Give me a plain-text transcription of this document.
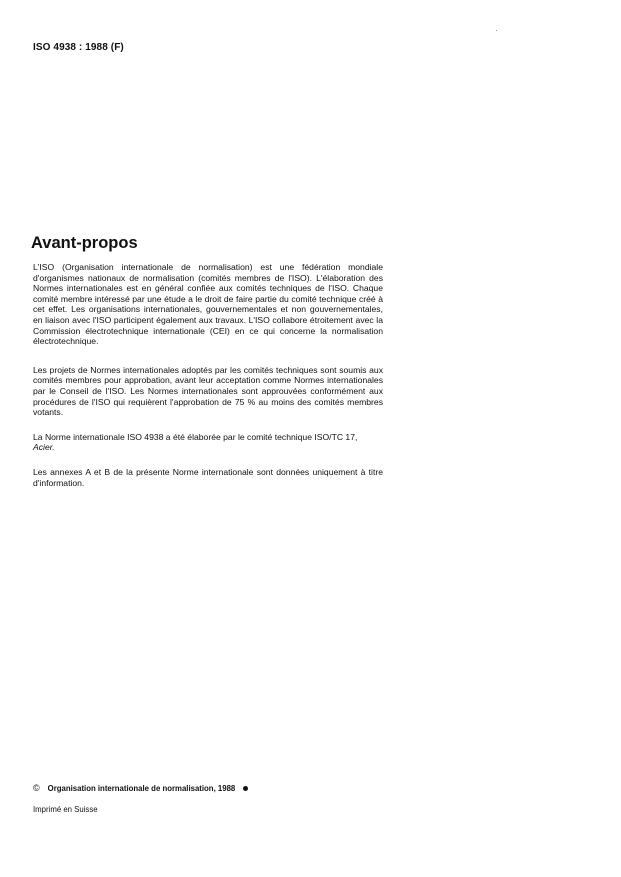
ISO 4938 : 1988 (F)
Avant-propos

L'ISO (Organisation internationale de normalisation) est une fédération mondiale d'organismes nationaux de normalisation (comités membres de l'ISO). L'élaboration des Normes internationales est en général confiée aux comités techniques de l'ISO. Chaque comité membre intéressé par une étude a le droit de faire partie du comité technique créé à cet effet. Les organisations internationales, gouvernementales et non gouvernementales, en liaison avec l'ISO participent également aux travaux. L'ISO collabore étroitement avec la Commission électrotechnique internationale (CEI) en ce qui concerne la normalisation électrotechnique.

Les projets de Normes internationales adoptés par les comités techniques sont soumis aux comités membres pour approbation, avant leur acceptation comme Normes internationales par le Conseil de l'ISO. Les Normes internationales sont approuvées conformément aux procédures de l'ISO qui requièrent l'approbation de 75 % au moins des comités membres votants.

La Norme internationale ISO 4938 a été élaborée par le comité technique ISO/TC 17,
Acier.

Les annexes A et B de la présente Norme internationale sont données uniquement à titre d'information.

© Organisation internationale de normalisation, 1988
Imprimé en Suisse
